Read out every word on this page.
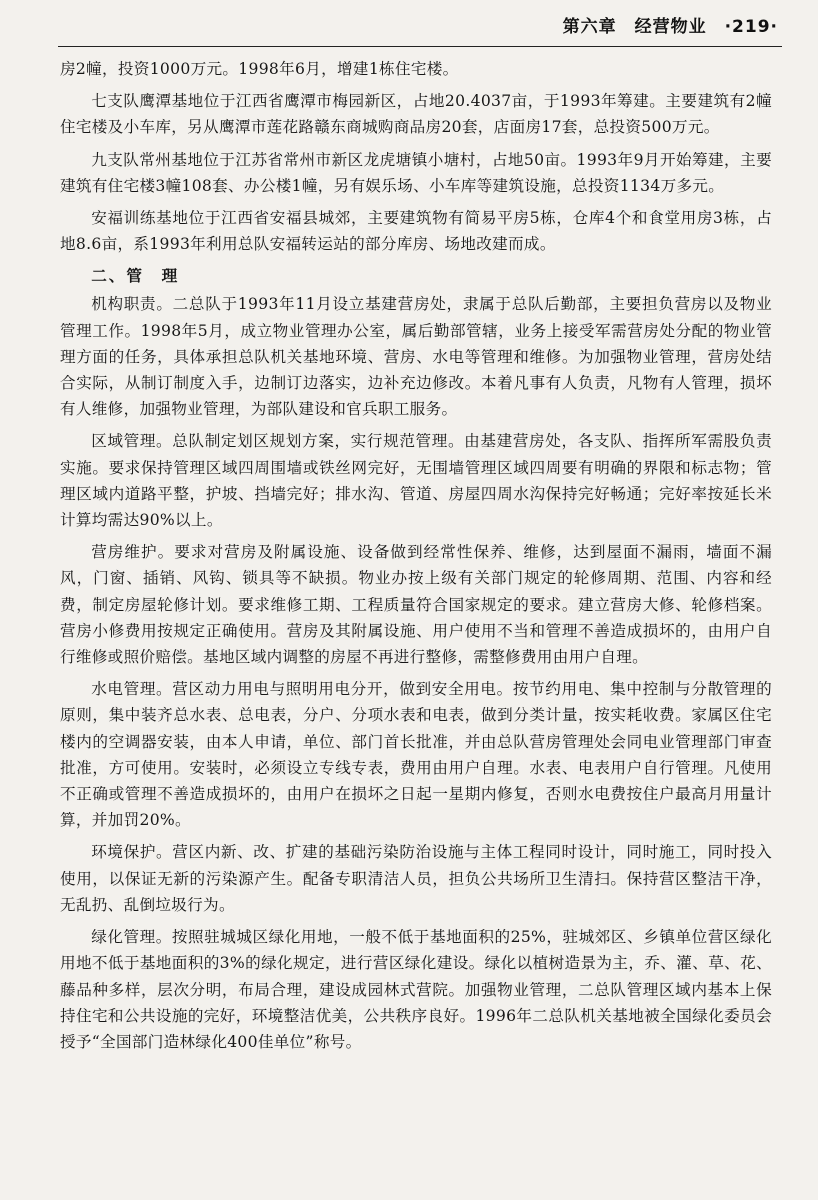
第六章　经营物业　·219·

房2幢，投资1000万元。1998年6月，增建1栋住宅楼。

七支队鹰潭基地位于江西省鹰潭市梅园新区，占地20.4037亩，于1993年筹建。主要建筑有2幢住宅楼及小车库，另从鹰潭市莲花路赣东商城购商品房20套，店面房17套，总投资500万元。

九支队常州基地位于江苏省常州市新区龙虎塘镇小塘村，占地50亩。1993年9月开始筹建，主要建筑有住宅楼3幢108套、办公楼1幢，另有娱乐场、小车库等建筑设施，总投资1134万多元。

安福训练基地位于江西省安福县城郊，主要建筑物有简易平房5栋，仓库4个和食堂用房3栋，占地8.6亩，系1993年利用总队安福转运站的部分库房、场地改建而成。

二、管　理

机构职责。二总队于1993年11月设立基建营房处，隶属于总队后勤部，主要担负营房以及物业管理工作。1998年5月，成立物业管理办公室，属后勤部管辖，业务上接受军需营房处分配的物业管理方面的任务，具体承担总队机关基地环境、营房、水电等管理和维修。为加强物业管理，营房处结合实际，从制订制度入手，边制订边落实，边补充边修改。本着凡事有人负责，凡物有人管理，损坏有人维修，加强物业管理，为部队建设和官兵职工服务。

区域管理。总队制定划区规划方案，实行规范管理。由基建营房处，各支队、指挥所军需股负责实施。要求保持管理区域四周围墙或铁丝网完好，无围墙管理区域四周要有明确的界限和标志物；管理区域内道路平整，护坡、挡墙完好；排水沟、管道、房屋四周水沟保持完好畅通；完好率按延长米计算均需达90%以上。

营房维护。要求对营房及附属设施、设备做到经常性保养、维修，达到屋面不漏雨，墙面不漏风，门窗、插销、风钩、锁具等不缺损。物业办按上级有关部门规定的轮修周期、范围、内容和经费，制定房屋轮修计划。要求维修工期、工程质量符合国家规定的要求。建立营房大修、轮修档案。营房小修费用按规定正确使用。营房及其附属设施、用户使用不当和管理不善造成损坏的，由用户自行维修或照价赔偿。基地区域内调整的房屋不再进行整修，需整修费用由用户自理。

水电管理。营区动力用电与照明用电分开，做到安全用电。按节约用电、集中控制与分散管理的原则，集中装齐总水表、总电表，分户、分项水表和电表，做到分类计量，按实耗收费。家属区住宅楼内的空调器安装，由本人申请，单位、部门首长批准，并由总队营房管理处会同电业管理部门审查批准，方可使用。安装时，必须设立专线专表，费用由用户自理。水表、电表用户自行管理。凡使用不正确或管理不善造成损坏的，由用户在损坏之日起一星期内修复，否则水电费按住户最高月用量计算，并加罚20%。

环境保护。营区内新、改、扩建的基础污染防治设施与主体工程同时设计，同时施工，同时投入使用，以保证无新的污染源产生。配备专职清洁人员，担负公共场所卫生清扫。保持营区整洁干净，无乱扔、乱倒垃圾行为。

绿化管理。按照驻城城区绿化用地，一般不低于基地面积的25%，驻城郊区、乡镇单位营区绿化用地不低于基地面积的3%的绿化规定，进行营区绿化建设。绿化以植树造景为主，乔、灌、草、花、藤品种多样，层次分明，布局合理，建设成园林式营院。加强物业管理，二总队管理区域内基本上保持住宅和公共设施的完好，环境整洁优美，公共秩序良好。1996年二总队机关基地被全国绿化委员会授予“全国部门造林绿化400佳单位”称号。
